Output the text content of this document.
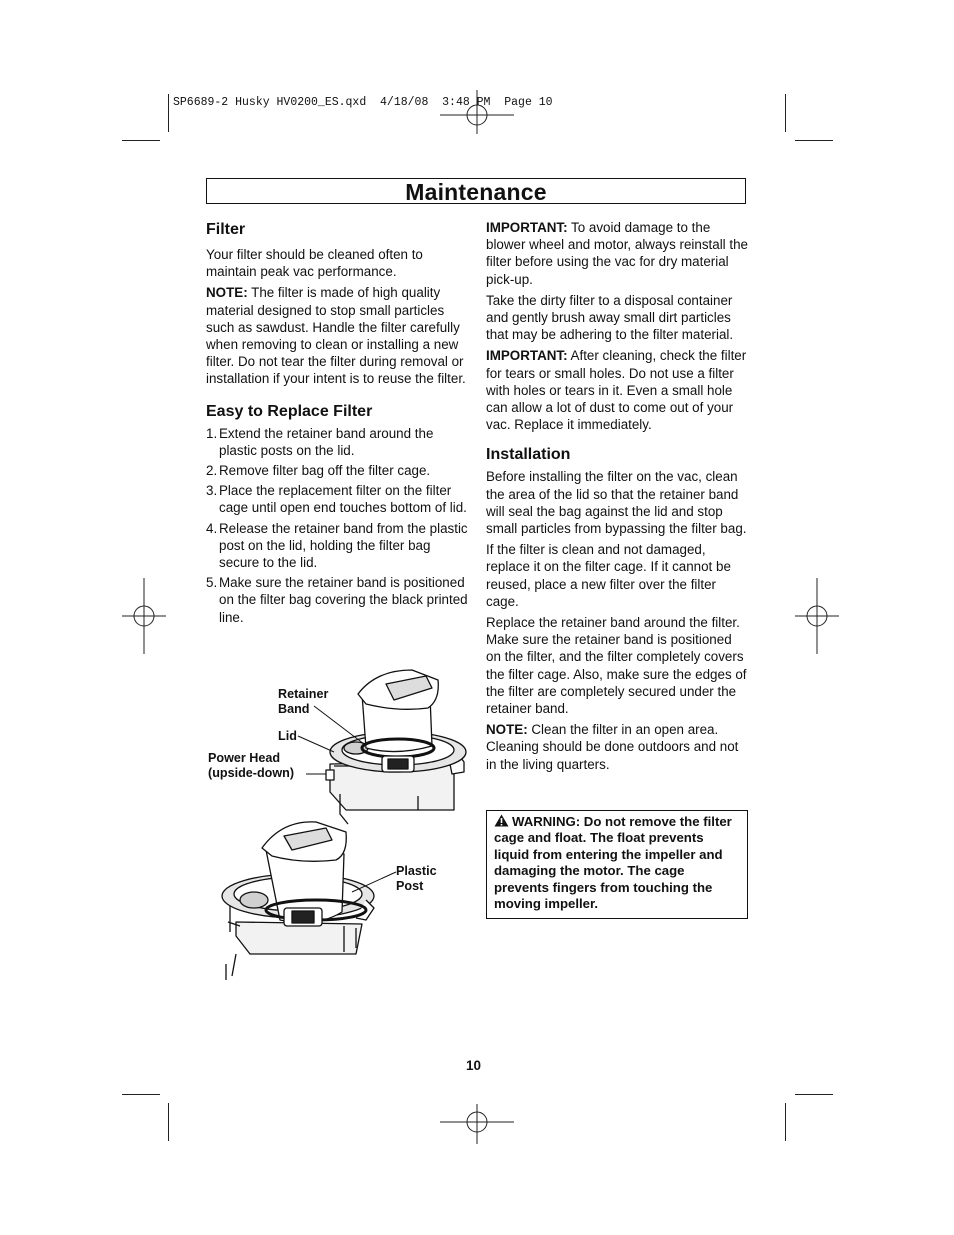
SP6689-2 Husky HV0200_ES.qxd  4/18/08  3:48 PM  Page 10
Maintenance
Filter

Your filter should be cleaned often to maintain peak vac performance.

NOTE: The filter is made of high quality material designed to stop small particles such as sawdust. Handle the filter carefully when removing to clean or installing a new filter. Do not tear the filter during removal or installation if your intent is to reuse the filter.

Easy to Replace Filter
1. Extend the retainer band around the plastic posts on the lid.
2. Remove filter bag off the filter cage.
3. Place the replacement filter on the filter cage until open end touches bottom of lid.
4. Release the retainer band from the plastic post on the lid, holding the filter bag secure to the lid.
5. Make sure the retainer band is positioned on the filter bag covering the black printed line.
Retainer Band
Lid
Power Head (upside-down)
Plastic Post

IMPORTANT: To avoid damage to the blower wheel and motor, always reinstall the filter before using the vac for dry material pick-up.

Take the dirty filter to a disposal container and gently brush away small dirt particles that may be adhering to the filter material.

IMPORTANT: After cleaning, check the filter for tears or small holes. Do not use a filter with holes or tears in it. Even a small hole can allow a lot of dust to come out of your vac. Replace it immediately.

Installation

Before installing the filter on the vac, clean the area of the lid so that the retainer band will seal the bag against the lid and stop small particles from bypassing the filter bag.

If the filter is clean and not damaged, replace it on the filter cage. If it cannot be reused, place a new filter over the filter cage.

Replace the retainer band around the filter. Make sure the retainer band is positioned on the filter, and the filter completely covers the filter cage. Also, make sure the edges of the filter are completely secured under the retainer band.

NOTE: Clean the filter in an open area. Cleaning should be done outdoors and not in the living quarters.

WARNING: Do not remove the filter cage and float. The float prevents liquid from entering the impeller and damaging the motor. The cage prevents fingers from touching the moving impeller.
10
